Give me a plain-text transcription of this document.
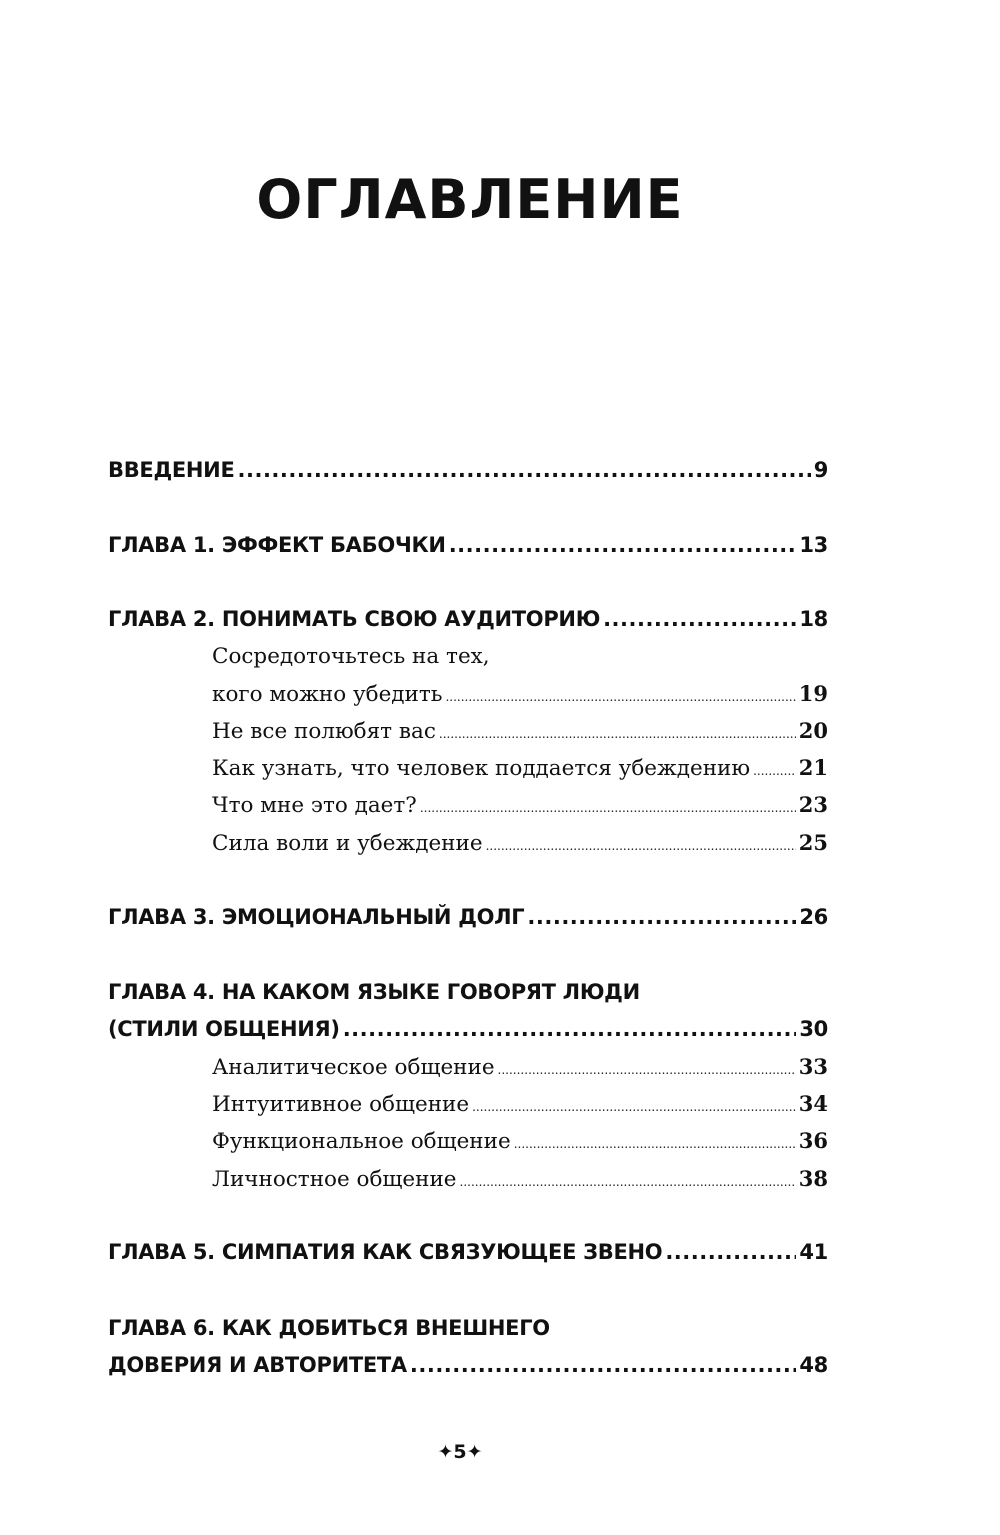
ОГЛАВЛЕНИЕ
ВВЕДЕНИЕ .....	9
ГЛАВА 1. ЭФФЕКТ БАБОЧКИ .....	13
ГЛАВА 2. ПОНИМАТЬ СВОЮ АУДИТОРИЮ .....	18
Сосредоточьтесь на тех,
кого можно убедить .....	19
Не все полюбят вас .....	20
Как узнать, что человек поддается убеждению ..... 21
Что мне это дает? .....	23
Сила воли и убеждение .....	25
ГЛАВА 3. ЭМОЦИОНАЛЬНЫЙ ДОЛГ .....	26
ГЛАВА 4. НА КАКОМ ЯЗЫКЕ ГОВОРЯТ ЛЮДИ
(СТИЛИ ОБЩЕНИЯ) .....	30
Аналитическое общение .....	33
Интуитивное общение .....	34
Функциональное общение .....	36
Личностное общение .....	38
ГЛАВА 5. СИМПАТИЯ КАК СВЯЗУЮЩЕЕ ЗВЕНО .....	41
ГЛАВА 6. КАК ДОБИТЬСЯ ВНЕШНЕГО
ДОВЕРИЯ И АВТОРИТЕТА .....	48
✦5✦
